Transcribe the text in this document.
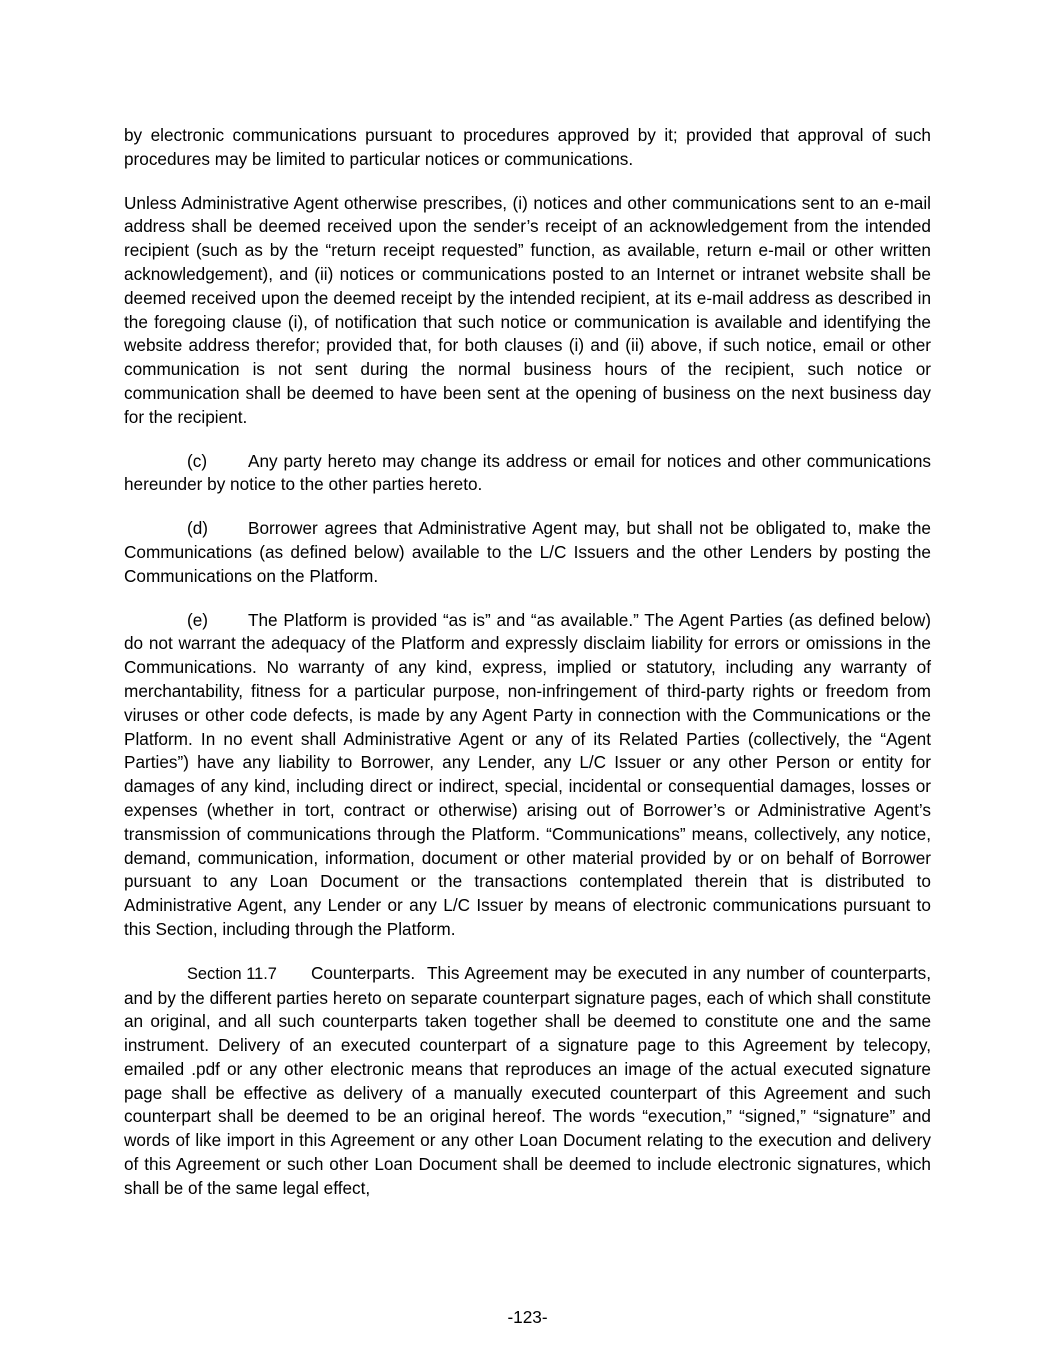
by electronic communications pursuant to procedures approved by it; provided that approval of such procedures may be limited to particular notices or communications.

Unless Administrative Agent otherwise prescribes, (i) notices and other communications sent to an e-mail address shall be deemed received upon the sender’s receipt of an acknowledgement from the intended recipient (such as by the “return receipt requested” function, as available, return e-mail or other written acknowledgement), and (ii) notices or communications posted to an Internet or intranet website shall be deemed received upon the deemed receipt by the intended recipient, at its e-mail address as described in the foregoing clause (i), of notification that such notice or communication is available and identifying the website address therefor; provided that, for both clauses (i) and (ii) above, if such notice, email or other communication is not sent during the normal business hours of the recipient, such notice or communication shall be deemed to have been sent at the opening of business on the next business day for the recipient.

(c) Any party hereto may change its address or email for notices and other communications hereunder by notice to the other parties hereto.

(d) Borrower agrees that Administrative Agent may, but shall not be obligated to, make the Communications (as defined below) available to the L/C Issuers and the other Lenders by posting the Communications on the Platform.

(e) The Platform is provided “as is” and “as available.” The Agent Parties (as defined below) do not warrant the adequacy of the Platform and expressly disclaim liability for errors or omissions in the Communications. No warranty of any kind, express, implied or statutory, including any warranty of merchantability, fitness for a particular purpose, non-infringement of third-party rights or freedom from viruses or other code defects, is made by any Agent Party in connection with the Communications or the Platform. In no event shall Administrative Agent or any of its Related Parties (collectively, the “Agent Parties”) have any liability to Borrower, any Lender, any L/C Issuer or any other Person or entity for damages of any kind, including direct or indirect, special, incidental or consequential damages, losses or expenses (whether in tort, contract or otherwise) arising out of Borrower’s or Administrative Agent’s transmission of communications through the Platform. “Communications” means, collectively, any notice, demand, communication, information, document or other material provided by or on behalf of Borrower pursuant to any Loan Document or the transactions contemplated therein that is distributed to Administrative Agent, any Lender or any L/C Issuer by means of electronic communications pursuant to this Section, including through the Platform.

Section 11.7 Counterparts. This Agreement may be executed in any number of counterparts, and by the different parties hereto on separate counterpart signature pages, each of which shall constitute an original, and all such counterparts taken together shall be deemed to constitute one and the same instrument. Delivery of an executed counterpart of a signature page to this Agreement by telecopy, emailed .pdf or any other electronic means that reproduces an image of the actual executed signature page shall be effective as delivery of a manually executed counterpart of this Agreement and such counterpart shall be deemed to be an original hereof. The words “execution,” “signed,” “signature” and words of like import in this Agreement or any other Loan Document relating to the execution and delivery of this Agreement or such other Loan Document shall be deemed to include electronic signatures, which shall be of the same legal effect,

-123-
